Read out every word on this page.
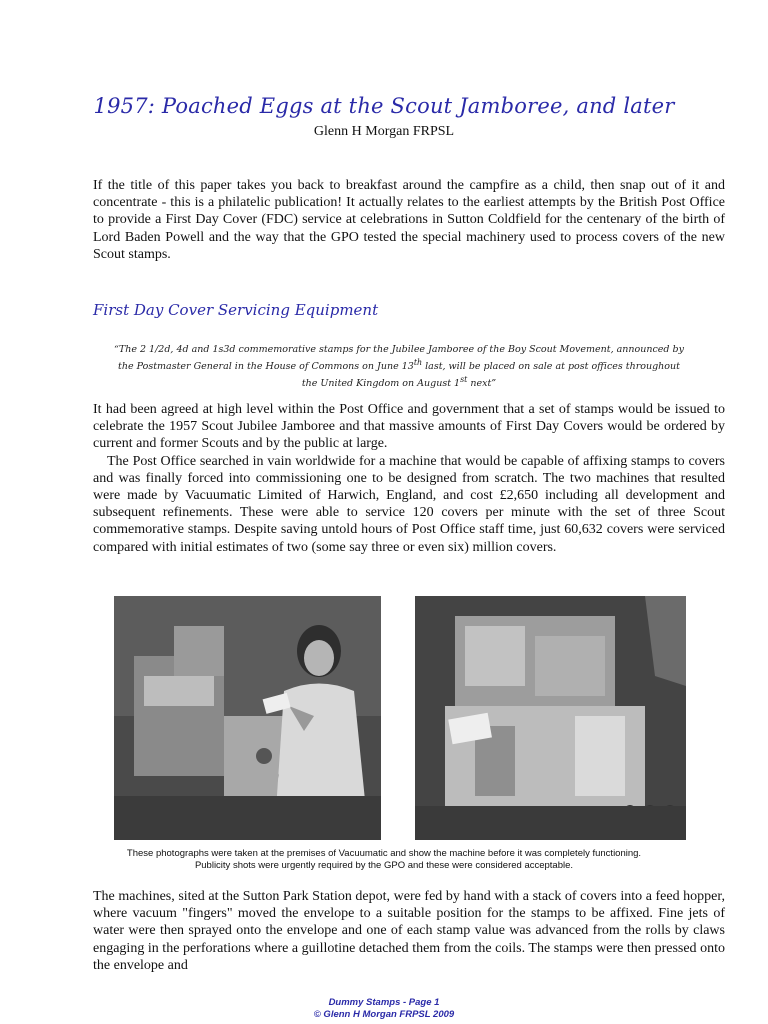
1957: Poached Eggs at the Scout Jamboree, and later
Glenn H Morgan FRPSL

If the title of this paper takes you back to breakfast around the campfire as a child, then snap out of it and concentrate - this is a philatelic publication! It actually relates to the earliest attempts by the British Post Office to provide a First Day Cover (FDC) service at celebrations in Sutton Coldfield for the centenary of the birth of Lord Baden Powell and the way that the GPO tested the special machinery used to process covers of the new Scout stamps.

First Day Cover Servicing Equipment

“The 2 1/2d, 4d and 1s3d commemorative stamps for the Jubilee Jamboree of the Boy Scout Movement, announced by the Postmaster General in the House of Commons on June 13th last, will be placed on sale at post offices throughout the United Kingdom on August 1st next”

It had been agreed at high level within the Post Office and government that a set of stamps would be issued to celebrate the 1957 Scout Jubilee Jamboree and that massive amounts of First Day Covers would be ordered by current and former Scouts and by the public at large.

The Post Office searched in vain worldwide for a machine that would be capable of affixing stamps to covers and was finally forced into commissioning one to be designed from scratch. The two machines that resulted were made by Vacuumatic Limited of Harwich, England, and cost £2,650 including all development and subsequent refinements. These were able to service 120 covers per minute with the set of three Scout commemorative stamps. Despite saving untold hours of Post Office staff time, just 60,632 covers were serviced compared with initial estimates of two (some say three or even six) million covers.

These photographs were taken at the premises of Vacuumatic and show the machine before it was completely functioning. Publicity shots were urgently required by the GPO and these were considered acceptable.

The machines, sited at the Sutton Park Station depot, were fed by hand with a stack of covers into a feed hopper, where vacuum "fingers" moved the envelope to a suitable position for the stamps to be affixed. Fine jets of water were then sprayed onto the envelope and one of each stamp value was advanced from the rolls by claws engaging in the perforations where a guillotine detached them from the coils. The stamps were then pressed onto the envelope and

Dummy Stamps - Page 1
© Glenn H Morgan FRPSL 2009
